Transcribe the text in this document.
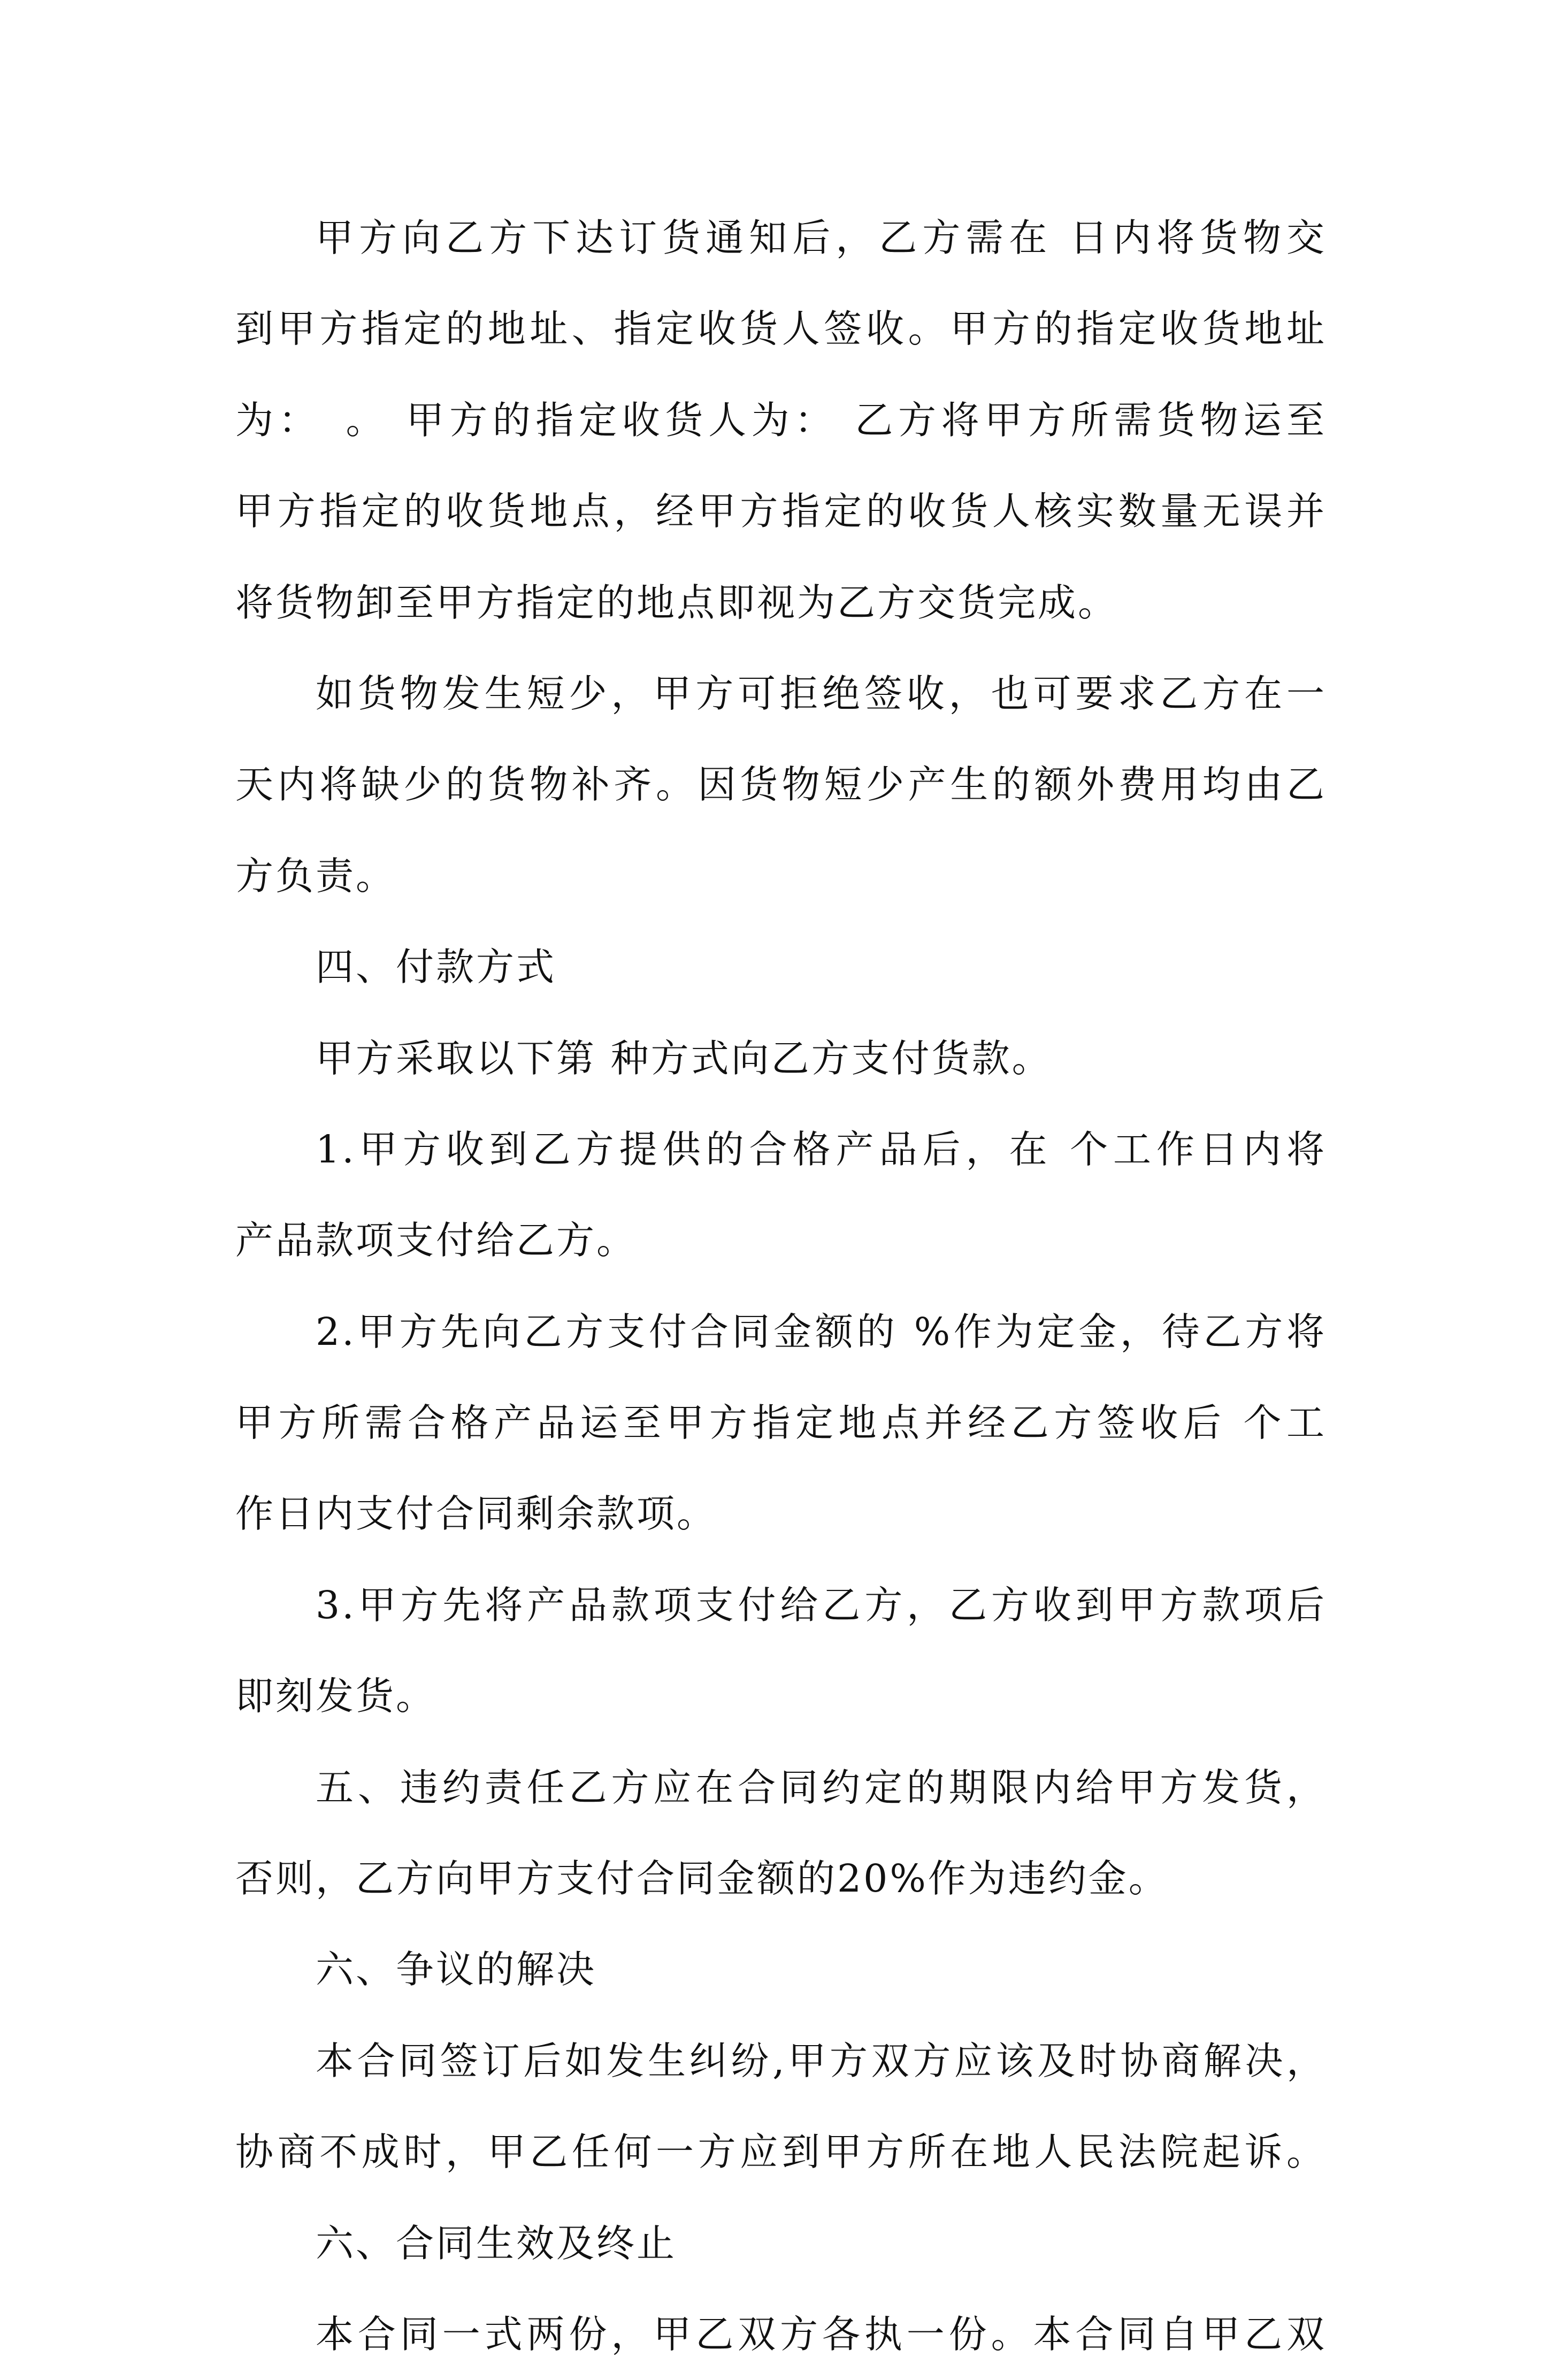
甲方向乙方下达订货通知后，乙方需在 日内将货物交

到甲方指定的地址、指定收货人签收。甲方的指定收货地址

为：　。 甲方的指定收货人为： 乙方将甲方所需货物运至

甲方指定的收货地点，经甲方指定的收货人核实数量无误并

将货物卸至甲方指定的地点即视为乙方交货完成。

如货物发生短少，甲方可拒绝签收，也可要求乙方在一

天内将缺少的货物补齐。因货物短少产生的额外费用均由乙

方负责。

四、付款方式

甲方采取以下第 种方式向乙方支付货款。

1.甲方收到乙方提供的合格产品后，在 个工作日内将

产品款项支付给乙方。

2.甲方先向乙方支付合同金额的 %作为定金，待乙方将

甲方所需合格产品运至甲方指定地点并经乙方签收后 个工

作日内支付合同剩余款项。

3.甲方先将产品款项支付给乙方，乙方收到甲方款项后

即刻发货。

五、违约责任乙方应在合同约定的期限内给甲方发货，

否则，乙方向甲方支付合同金额的20%作为违约金。

六、争议的解决

本合同签订后如发生纠纷,甲方双方应该及时协商解决，

协商不成时，甲乙任何一方应到甲方所在地人民法院起诉。

六、合同生效及终止

本合同一式两份，甲乙双方各执一份。本合同自甲乙双
